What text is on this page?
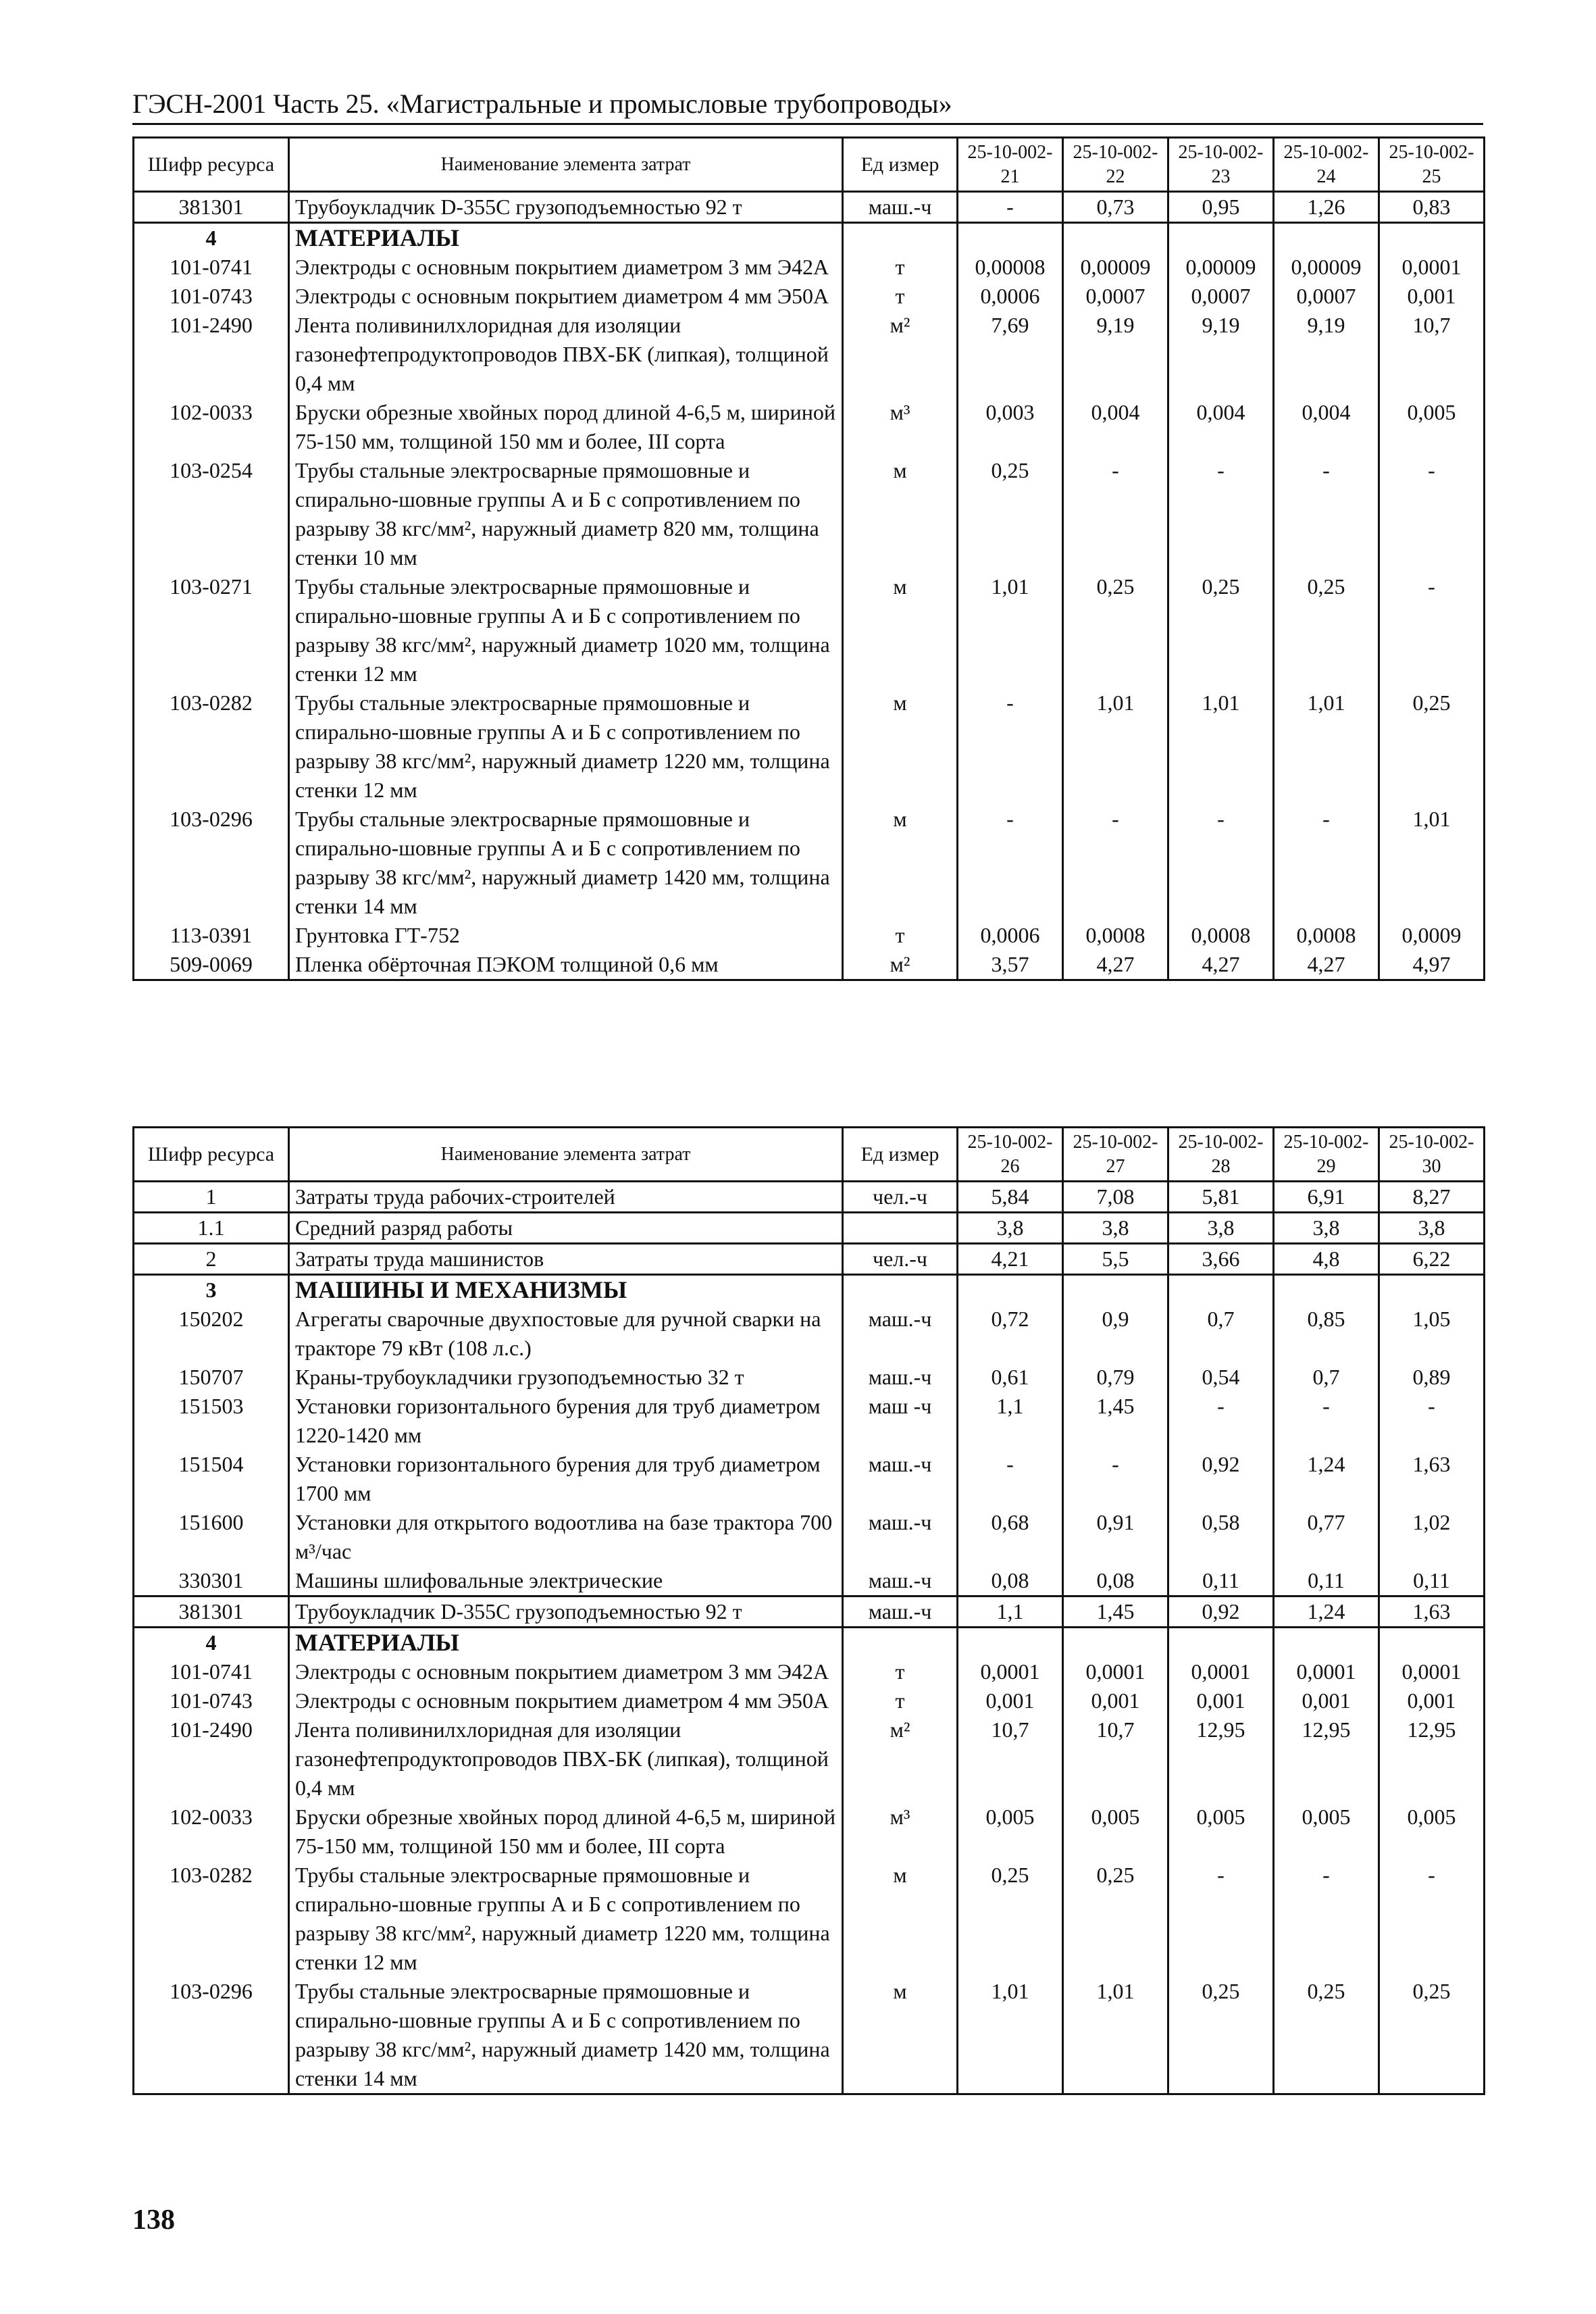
ГЭСН-2001 Часть 25. «Магистральные и промысловые трубопроводы»
Шифр ресурса	Наименование элемента затрат	Ед измер	25-10-002-21	25-10-002-22	25-10-002-23	25-10-002-24	25-10-002-25
381301	Трубоукладчик D-355C грузоподъемностью 92 т	маш.-ч	-	0,73	0,95	1,26	0,83
4	МАТЕРИАЛЫ						
101-0741	Электроды с основным покрытием диаметром 3 мм Э42А	т	0,00008	0,00009	0,00009	0,00009	0,0001
101-0743	Электроды с основным покрытием диаметром 4 мм Э50А	т	0,0006	0,0007	0,0007	0,0007	0,001
101-2490	Лента поливинилхлоридная для изоляции газонефтепродуктопроводов ПВХ-БК (липкая), толщиной 0,4 мм	м²	7,69	9,19	9,19	9,19	10,7
102-0033	Бруски обрезные хвойных пород длиной 4-6,5 м, шириной 75-150 мм, толщиной 150 мм и более, III сорта	м³	0,003	0,004	0,004	0,004	0,005
103-0254	Трубы стальные электросварные прямошовные и спирально-шовные группы А и Б с сопротивлением по разрыву 38 кгс/мм², наружный диаметр 820 мм, толщина стенки 10 мм	м	0,25	-	-	-	-
103-0271	Трубы стальные электросварные прямошовные и спирально-шовные группы А и Б с сопротивлением по разрыву 38 кгс/мм², наружный диаметр 1020 мм, толщина стенки 12 мм	м	1,01	0,25	0,25	0,25	-
103-0282	Трубы стальные электросварные прямошовные и спирально-шовные группы А и Б с сопротивлением по разрыву 38 кгс/мм², наружный диаметр 1220 мм, толщина стенки 12 мм	м	-	1,01	1,01	1,01	0,25
103-0296	Трубы стальные электросварные прямошовные и спирально-шовные группы А и Б с сопротивлением по разрыву 38 кгс/мм², наружный диаметр 1420 мм, толщина стенки 14 мм	м	-	-	-	-	1,01
113-0391	Грунтовка ГТ-752	т	0,0006	0,0008	0,0008	0,0008	0,0009
509-0069	Пленка обёрточная ПЭКОМ толщиной 0,6 мм	м²	3,57	4,27	4,27	4,27	4,97
Шифр ресурса	Наименование элемента затрат	Ед измер	25-10-002-26	25-10-002-27	25-10-002-28	25-10-002-29	25-10-002-30
1	Затраты труда рабочих-строителей	чел.-ч	5,84	7,08	5,81	6,91	8,27
1.1	Средний разряд работы		3,8	3,8	3,8	3,8	3,8
2	Затраты труда машинистов	чел.-ч	4,21	5,5	3,66	4,8	6,22
3	МАШИНЫ И МЕХАНИЗМЫ						
150202	Агрегаты сварочные двухпостовые для ручной сварки на тракторе 79 кВт (108 л.с.)	маш.-ч	0,72	0,9	0,7	0,85	1,05
150707	Краны-трубоукладчики грузоподъемностью 32 т	маш.-ч	0,61	0,79	0,54	0,7	0,89
151503	Установки горизонтального бурения для труб диаметром 1220-1420 мм	маш -ч	1,1	1,45	-	-	-
151504	Установки горизонтального бурения для труб диаметром 1700 мм	маш.-ч	-	-	0,92	1,24	1,63
151600	Установки для открытого водоотлива на базе трактора 700 м³/час	маш.-ч	0,68	0,91	0,58	0,77	1,02
330301	Машины шлифовальные электрические	маш.-ч	0,08	0,08	0,11	0,11	0,11
381301	Трубоукладчик D-355C грузоподъемностью 92 т	маш.-ч	1,1	1,45	0,92	1,24	1,63
4	МАТЕРИАЛЫ						
101-0741	Электроды с основным покрытием диаметром 3 мм Э42А	т	0,0001	0,0001	0,0001	0,0001	0,0001
101-0743	Электроды с основным покрытием диаметром 4 мм Э50А	т	0,001	0,001	0,001	0,001	0,001
101-2490	Лента поливинилхлоридная для изоляции газонефтепродуктопроводов ПВХ-БК (липкая), толщиной 0,4 мм	м²	10,7	10,7	12,95	12,95	12,95
102-0033	Бруски обрезные хвойных пород длиной 4-6,5 м, шириной 75-150 мм, толщиной 150 мм и более, III сорта	м³	0,005	0,005	0,005	0,005	0,005
103-0282	Трубы стальные электросварные прямошовные и спирально-шовные группы А и Б с сопротивлением по разрыву 38 кгс/мм², наружный диаметр 1220 мм, толщина стенки 12 мм	м	0,25	0,25	-	-	-
103-0296	Трубы стальные электросварные прямошовные и спирально-шовные группы А и Б с сопротивлением по разрыву 38 кгс/мм², наружный диаметр 1420 мм, толщина стенки 14 мм	м	1,01	1,01	0,25	0,25	0,25
138
